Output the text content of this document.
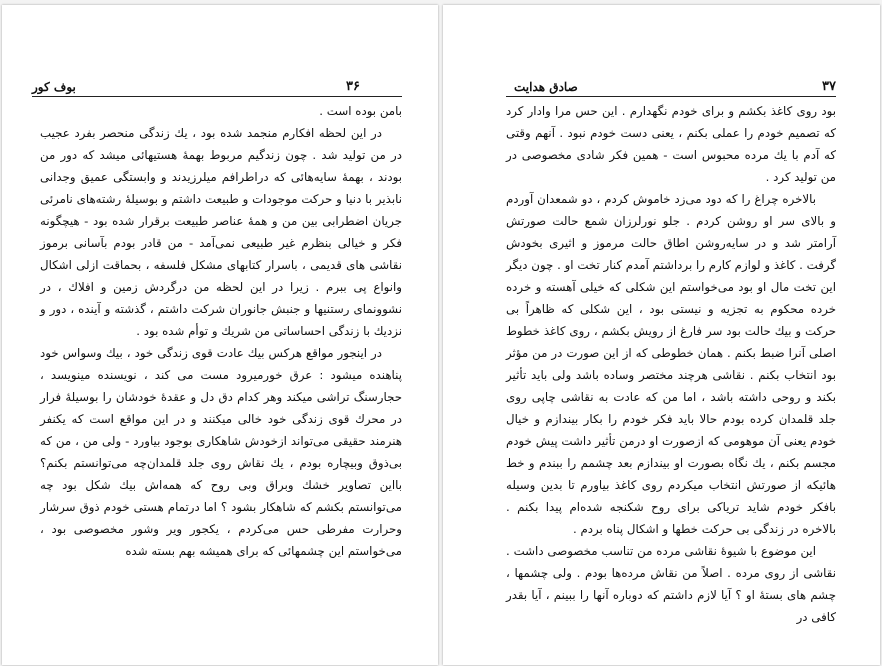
٣۶
بوف کور

بامن بوده است .

در این لحظه افکارم منجمد شده بود ، یك زندگی منحصر بفرد عجیب در من تولید شد . چون زندگیم مربوط بهمهٔ هستیهائی میشد که دور من بودند ، بهمهٔ سایه‌هائی که دراطرافم میلرزیدند و وابستگی عمیق وجدانی نابذیر با دنیا و حرکت موجودات و طبیعت داشتم و بوسیلهٔ رشته‌های نامرئی جریان اضطرابی بین من و همهٔ عناصر طبیعت برقرار شده بود - هیچگونه فکر و خیالی بنظرم غیر طبیعی نمی‌آمد - من قادر بودم بآسانی برموز نقاشی های قدیمی ، باسرار کتابهای مشکل فلسفه ، بحماقت ازلی اشکال وانواع پی ببرم . زیرا در این لحظه من درگردش زمین و افلاك ، در نشوونمای رستنیها و جنبش جانوران شرکت داشتم ، گذشته و آینده ، دور و نزدیك با زندگی احساساتی من شریك و توأم شده بود .

در اینجور مواقع هرکس بیك عادت قوی زندگی خود ، بیك وسواس خود پناهنده میشود : عرق خورمیرود مست می کند ، نویسنده مینویسد ، حجارسنگ تراشی میکند وهر کدام دق دل و عقدهٔ خودشان را بوسیلهٔ فرار در محرك قوی زندگی خود خالی میکنند و در این مواقع است که یکنفر هنرمند حقیقی می‌تواند ازخودش شاهکاری بوجود بیاورد - ولی من ، من که بی‌ذوق وبیچاره بودم ، یك نقاش روی جلد قلمدان‌چه می‌توانستم بکنم؟ بااین تصاویر خشك وبراق وبی روح که همه‌اش بیك شکل بود چه می‌توانستم بکشم که شاهکار بشود ؟ اما درتمام هستی خودم ذوق سرشار وحرارت مفرطی حس می‌کردم ، یکجور ویر وشور مخصوصی بود ، می‌خواستم این چشمهائی که برای همیشه بهم بسته شده

٣٧
صادق هدایت

بود روی کاغذ بکشم و برای خودم نگهدارم . این حس مرا وادار کرد که تصمیم خودم را عملی بکنم ، یعنی دست خودم نبود . آنهم وقتی که آدم با یك مرده محبوس است - همین فکر شادی مخصوصی در من تولید کرد .

بالاخره چراغ را که دود می‌زد خاموش کردم ، دو شمعدان آوردم و بالای سر او روشن کردم . جلو نورلرزان شمع حالت صورتش آرامتر شد و در سایه‌روشن اطاق حالت مرموز و اثیری بخودش گرفت . کاغذ و لوازم کارم را برداشتم آمدم کنار تخت او . چون دیگر این تخت مال او بود می‌خواستم این شکلی که خیلی آهسته و خرده خرده محکوم به تجزیه و نیستی بود ، این شکلی که ظاهراً بی حرکت و بیك حالت بود سر فارغ از رویش بکشم ، روی کاغذ خطوط اصلی آنرا ضبط بکنم . همان خطوطی که از این صورت در من مؤثر بود انتخاب بکنم . نقاشی هرچند مختصر وساده باشد ولی باید تأثیر بکند و روحی داشته باشد ، اما من که عادت به نقاشی چاپی روی جلد قلمدان کرده بودم حالا باید فکر خودم را بکار بیندازم و خیال خودم یعنی آن موهومی که ازصورت او درمن تأثیر داشت پیش خودم مجسم بکنم ، یك نگاه بصورت او بیندازم بعد چشمم را ببندم و خط هائیکه از صورتش انتخاب میکردم روی کاغذ بیاورم تا بدین وسیله بافکر خودم شاید تریاکی برای روح شکنجه شده‌ام پیدا بکنم . بالاخره در زندگی بی حرکت خطها و اشکال پناه بردم .

این موضوع با شیوهٔ نقاشی مرده من تناسب مخصوصی داشت . نقاشی از روی مرده . اصلاً من نقاش مرده‌ها بودم . ولی چشمها ، چشم های بستهٔ او ؟ آیا لازم داشتم که دوباره آنها را ببینم ، آیا بقدر کافی در
